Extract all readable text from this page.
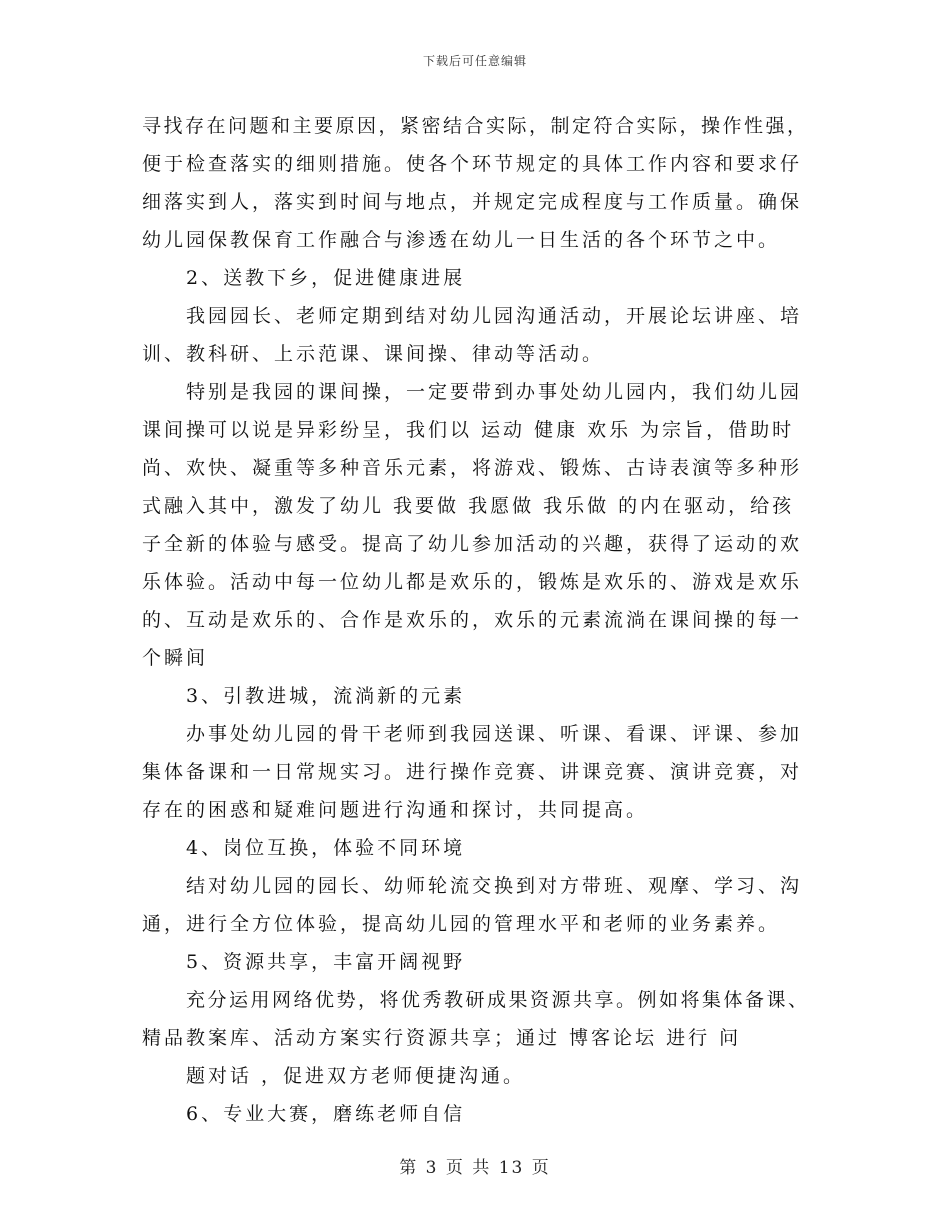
下载后可任意编辑
寻找存在问题和主要原因，紧密结合实际，制定符合实际，操作性强，
便于检查落实的细则措施。使各个环节规定的具体工作内容和要求仔
细落实到人，落实到时间与地点，并规定完成程度与工作质量。确保
幼儿园保教保育工作融合与渗透在幼儿一日生活的各个环节之中。
2、送教下乡，促进健康进展
我园园长、老师定期到结对幼儿园沟通活动，开展论坛讲座、培
训、教科研、上示范课、课间操、律动等活动。
特别是我园的课间操，一定要带到办事处幼儿园内，我们幼儿园
课间操可以说是异彩纷呈，我们以 运动 健康 欢乐 为宗旨，借助时
尚、欢快、凝重等多种音乐元素，将游戏、锻炼、古诗表演等多种形
式融入其中，激发了幼儿 我要做 我愿做 我乐做 的内在驱动，给孩
子全新的体验与感受。提高了幼儿参加活动的兴趣，获得了运动的欢
乐体验。活动中每一位幼儿都是欢乐的，锻炼是欢乐的、游戏是欢乐
的、互动是欢乐的、合作是欢乐的，欢乐的元素流淌在课间操的每一
个瞬间
3、引教进城，流淌新的元素
办事处幼儿园的骨干老师到我园送课、听课、看课、评课、参加
集体备课和一日常规实习。进行操作竞赛、讲课竞赛、演讲竞赛，对
存在的困惑和疑难问题进行沟通和探讨，共同提高。
4、岗位互换，体验不同环境
结对幼儿园的园长、幼师轮流交换到对方带班、观摩、学习、沟
通，进行全方位体验，提高幼儿园的管理水平和老师的业务素养。
5、资源共享，丰富开阔视野
充分运用网络优势，将优秀教研成果资源共享。例如将集体备课、
精品教案库、活动方案实行资源共享；通过 博客论坛 进行 问
题对话 ，促进双方老师便捷沟通。
6、专业大赛，磨练老师自信
第 3 页 共 13 页
